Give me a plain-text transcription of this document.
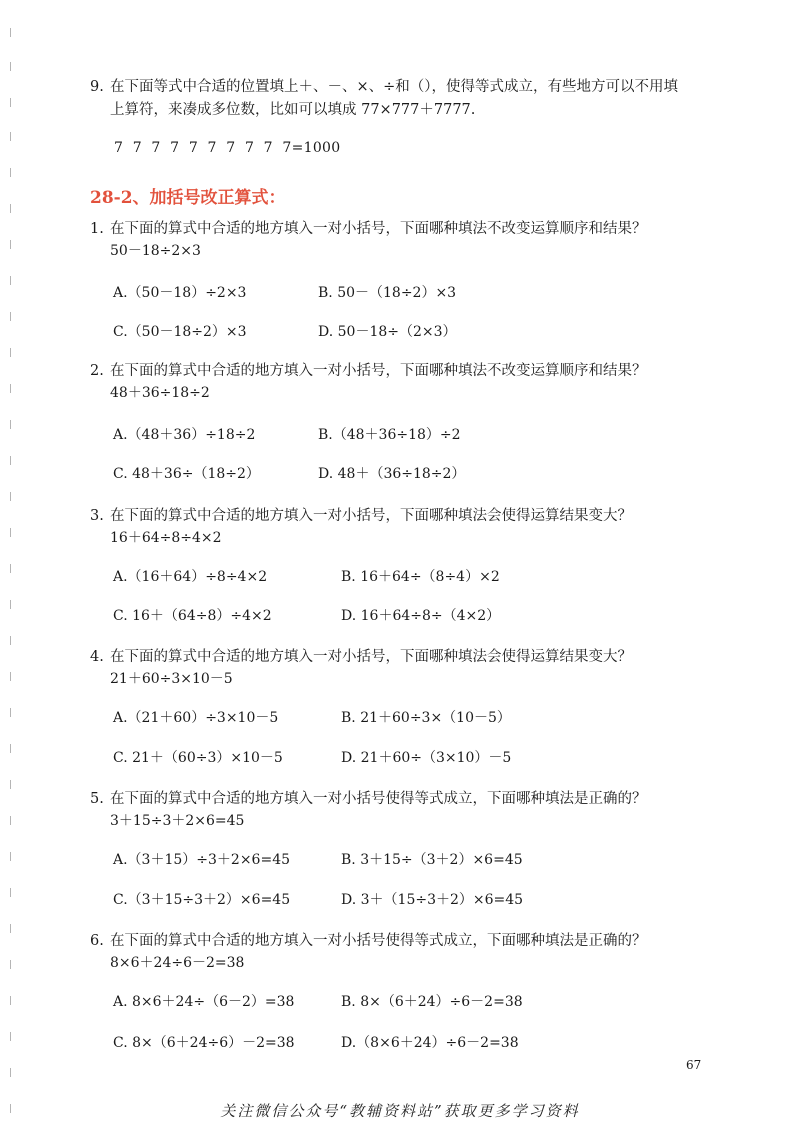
9. 在下面等式中合适的位置填上＋、－、×、÷和（），使得等式成立，有些地方可以不用填
上算符，来凑成多位数，比如可以填成 77×777＋7777.
7  7  7  7  7  7  7  7  7  7=1000
28-2、加括号改正算式：
1. 在下面的算式中合适的地方填入一对小括号，下面哪种填法不改变运算顺序和结果？
50－18÷2×3
A.（50－18）÷2×3	B. 50－（18÷2）×3
C.（50－18÷2）×3	D. 50－18÷（2×3）
2. 在下面的算式中合适的地方填入一对小括号，下面哪种填法不改变运算顺序和结果？
48＋36÷18÷2
A.（48＋36）÷18÷2	B.（48＋36÷18）÷2
C. 48＋36÷（18÷2）	D. 48＋（36÷18÷2）
3. 在下面的算式中合适的地方填入一对小括号，下面哪种填法会使得运算结果变大？
16＋64÷8÷4×2
A.（16＋64）÷8÷4×2	B. 16＋64÷（8÷4）×2
C. 16＋（64÷8）÷4×2	D. 16＋64÷8÷（4×2）
4. 在下面的算式中合适的地方填入一对小括号，下面哪种填法会使得运算结果变大？
21＋60÷3×10－5
A.（21＋60）÷3×10－5	B. 21＋60÷3×（10－5）
C. 21＋（60÷3）×10－5	D. 21＋60÷（3×10）－5
5. 在下面的算式中合适的地方填入一对小括号使得等式成立，下面哪种填法是正确的？
3＋15÷3＋2×6=45
A.（3＋15）÷3＋2×6=45	B. 3＋15÷（3＋2）×6=45
C.（3＋15÷3＋2）×6=45	D. 3＋（15÷3＋2）×6=45
6. 在下面的算式中合适的地方填入一对小括号使得等式成立，下面哪种填法是正确的？
8×6＋24÷6－2=38
A. 8×6＋24÷（6－2）=38	B. 8×（6＋24）÷6－2=38
C. 8×（6＋24÷6）－2=38	D.（8×6＋24）÷6－2=38
67
关注微信公众号“教辅资料站”获取更多学习资料
